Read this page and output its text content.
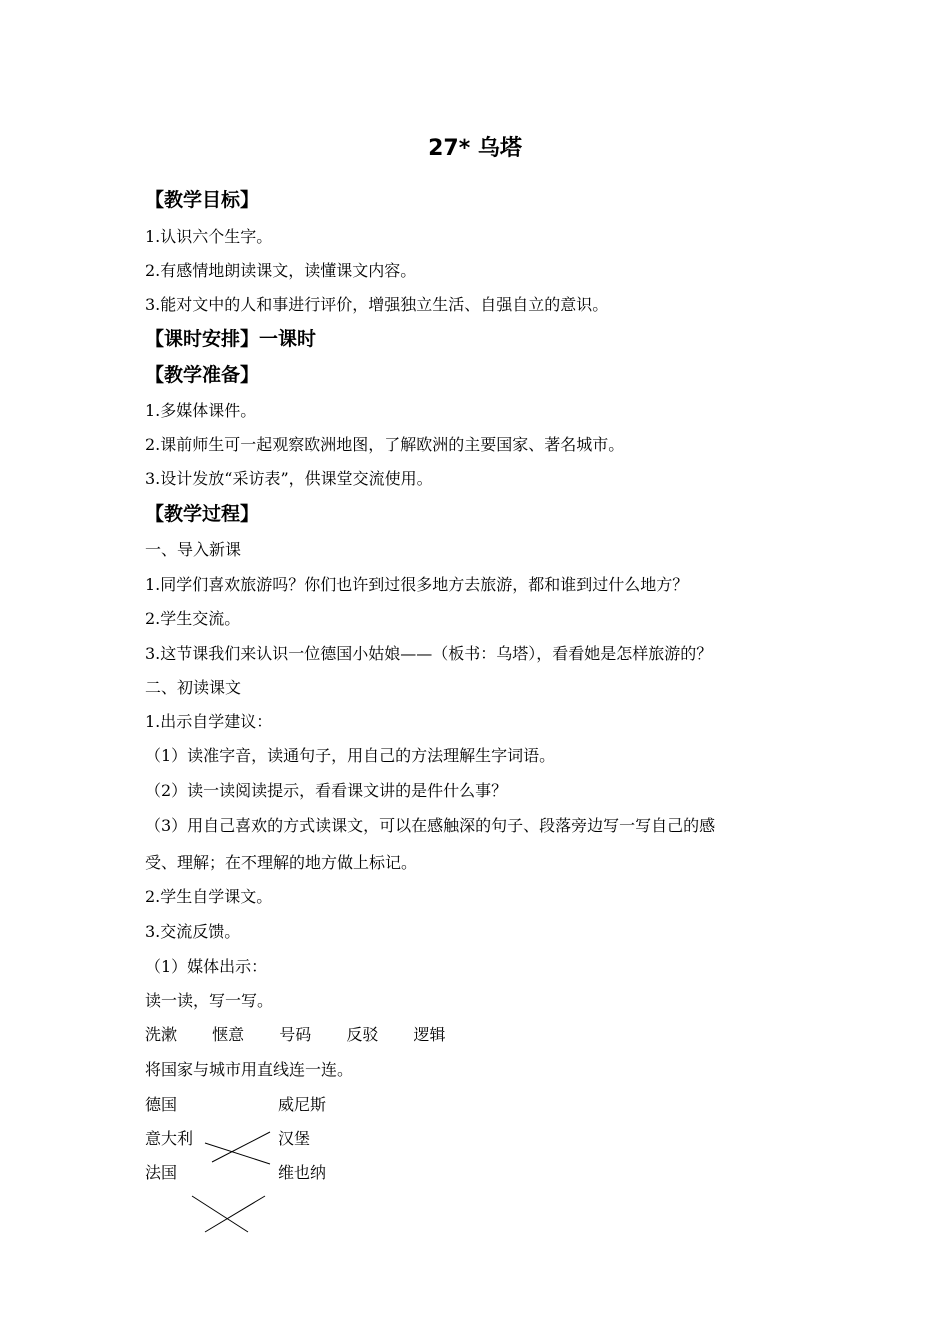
27* 乌塔
【教学目标】
1.认识六个生字。
2.有感情地朗读课文，读懂课文内容。
3.能对文中的人和事进行评价，增强独立生活、自强自立的意识。
【课时安排】一课时
【教学准备】
1.多媒体课件。
2.课前师生可一起观察欧洲地图，了解欧洲的主要国家、著名城市。
3.设计发放“采访表”，供课堂交流使用。
【教学过程】
一、导入新课
1.同学们喜欢旅游吗？你们也许到过很多地方去旅游，都和谁到过什么地方？
2.学生交流。
3.这节课我们来认识一位德国小姑娘——（板书：乌塔），看看她是怎样旅游的？
二、初读课文
1.出示自学建议：
（1）读准字音，读通句子，用自己的方法理解生字词语。
（2）读一读阅读提示，看看课文讲的是件什么事？
（3）用自己喜欢的方式读课文，可以在感触深的句子、段落旁边写一写自己的感
受、理解；在不理解的地方做上标记。
2.学生自学课文。
3.交流反馈。
（1）媒体出示：
读一读，写一写。
洗漱 惬意 号码 反驳 逻辑
将国家与城市用直线连一连。
德国
意大利
法国
威尼斯
汉堡
维也纳
